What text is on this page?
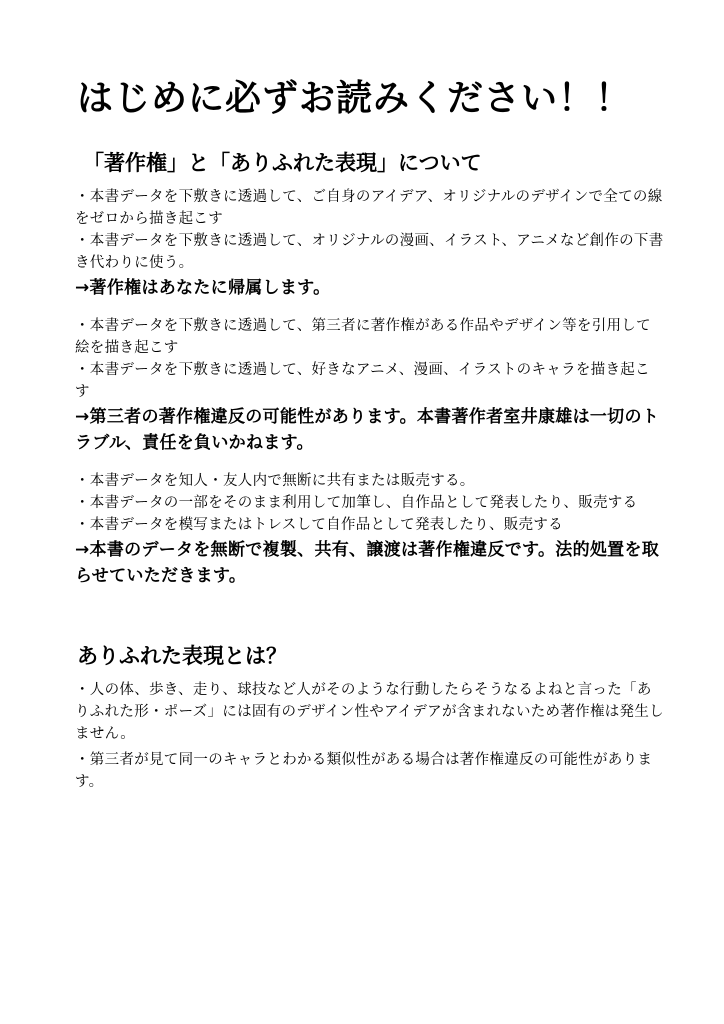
はじめに必ずお読みください！！
「著作権」と「ありふれた表現」について

・本書データを下敷きに透過して、ご自身のアイデア、オリジナルのデザインで全ての線をゼロから描き起こす

・本書データを下敷きに透過して、オリジナルの漫画、イラスト、アニメなど創作の下書き代わりに使う。

→著作権はあなたに帰属します。

・本書データを下敷きに透過して、第三者に著作権がある作品やデザイン等を引用して絵を描き起こす

・本書データを下敷きに透過して、好きなアニメ、漫画、イラストのキャラを描き起こす

→第三者の著作権違反の可能性があります。本書著作者室井康雄は一切のトラブル、責任を負いかねます。

・本書データを知人・友人内で無断に共有または販売する。

・本書データの一部をそのまま利用して加筆し、自作品として発表したり、販売する

・本書データを模写またはトレスして自作品として発表したり、販売する

→本書のデータを無断で複製、共有、譲渡は著作権違反です。法的処置を取らせていただきます。

ありふれた表現とは？

・人の体、歩き、走り、球技など人がそのような行動したらそうなるよねと言った「ありふれた形・ポーズ」には固有のデザイン性やアイデアが含まれないため著作権は発生しません。

・第三者が見て同一のキャラとわかる類似性がある場合は著作権違反の可能性があります。
